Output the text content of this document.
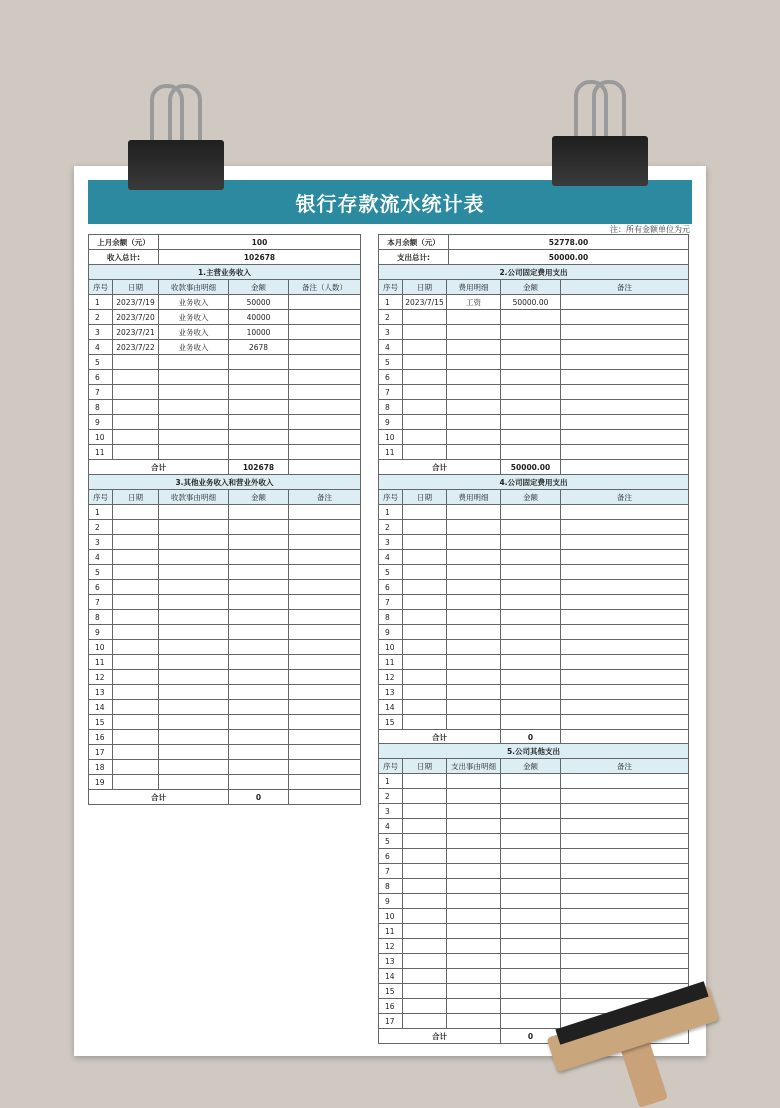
银行存款流水统计表
注：所有金额单位为元
上月余额（元）	100
收入总计:	102678
本月余额（元）	52778.00
支出总计:	50000.00
1.主营业务收入				
序号	日期	收款事由明细	金额	备注（人数）
1	2023/7/19	业务收入	50000	
2	2023/7/20	业务收入	40000	
3	2023/7/21	业务收入	10000	
4	2023/7/22	业务收入	2678	
5				
6				
7				
8				
9				
10				
11				
合计			102678	
2.公司固定费用支出				
序号	日期	费用明细	金额	备注
1	2023/7/15	工资	50000.00	
2				
3				
4				
5				
6				
7				
8				
9				
10				
11				
合计			50000.00	
3.其他业务收入和营业外收入				
序号	日期	收款事由明细	金额	备注
1				
2				
3				
4				
5				
6				
7				
8				
9				
10				
11				
12				
13				
14				
15				
16				
17				
18				
19				
合计			0	
4.公司固定费用支出				
序号	日期	费用明细	金额	备注
1				
2				
3				
4				
5				
6				
7				
8				
9				
10				
11				
12				
13				
14				
15				
合计			0	
5.公司其他支出				
序号	日期	支出事由明细	金额	备注
1				
2				
3				
4				
5				
6				
7				
8				
9				
10				
11				
12				
13				
14				
15				
16				
17				
合计			0	
